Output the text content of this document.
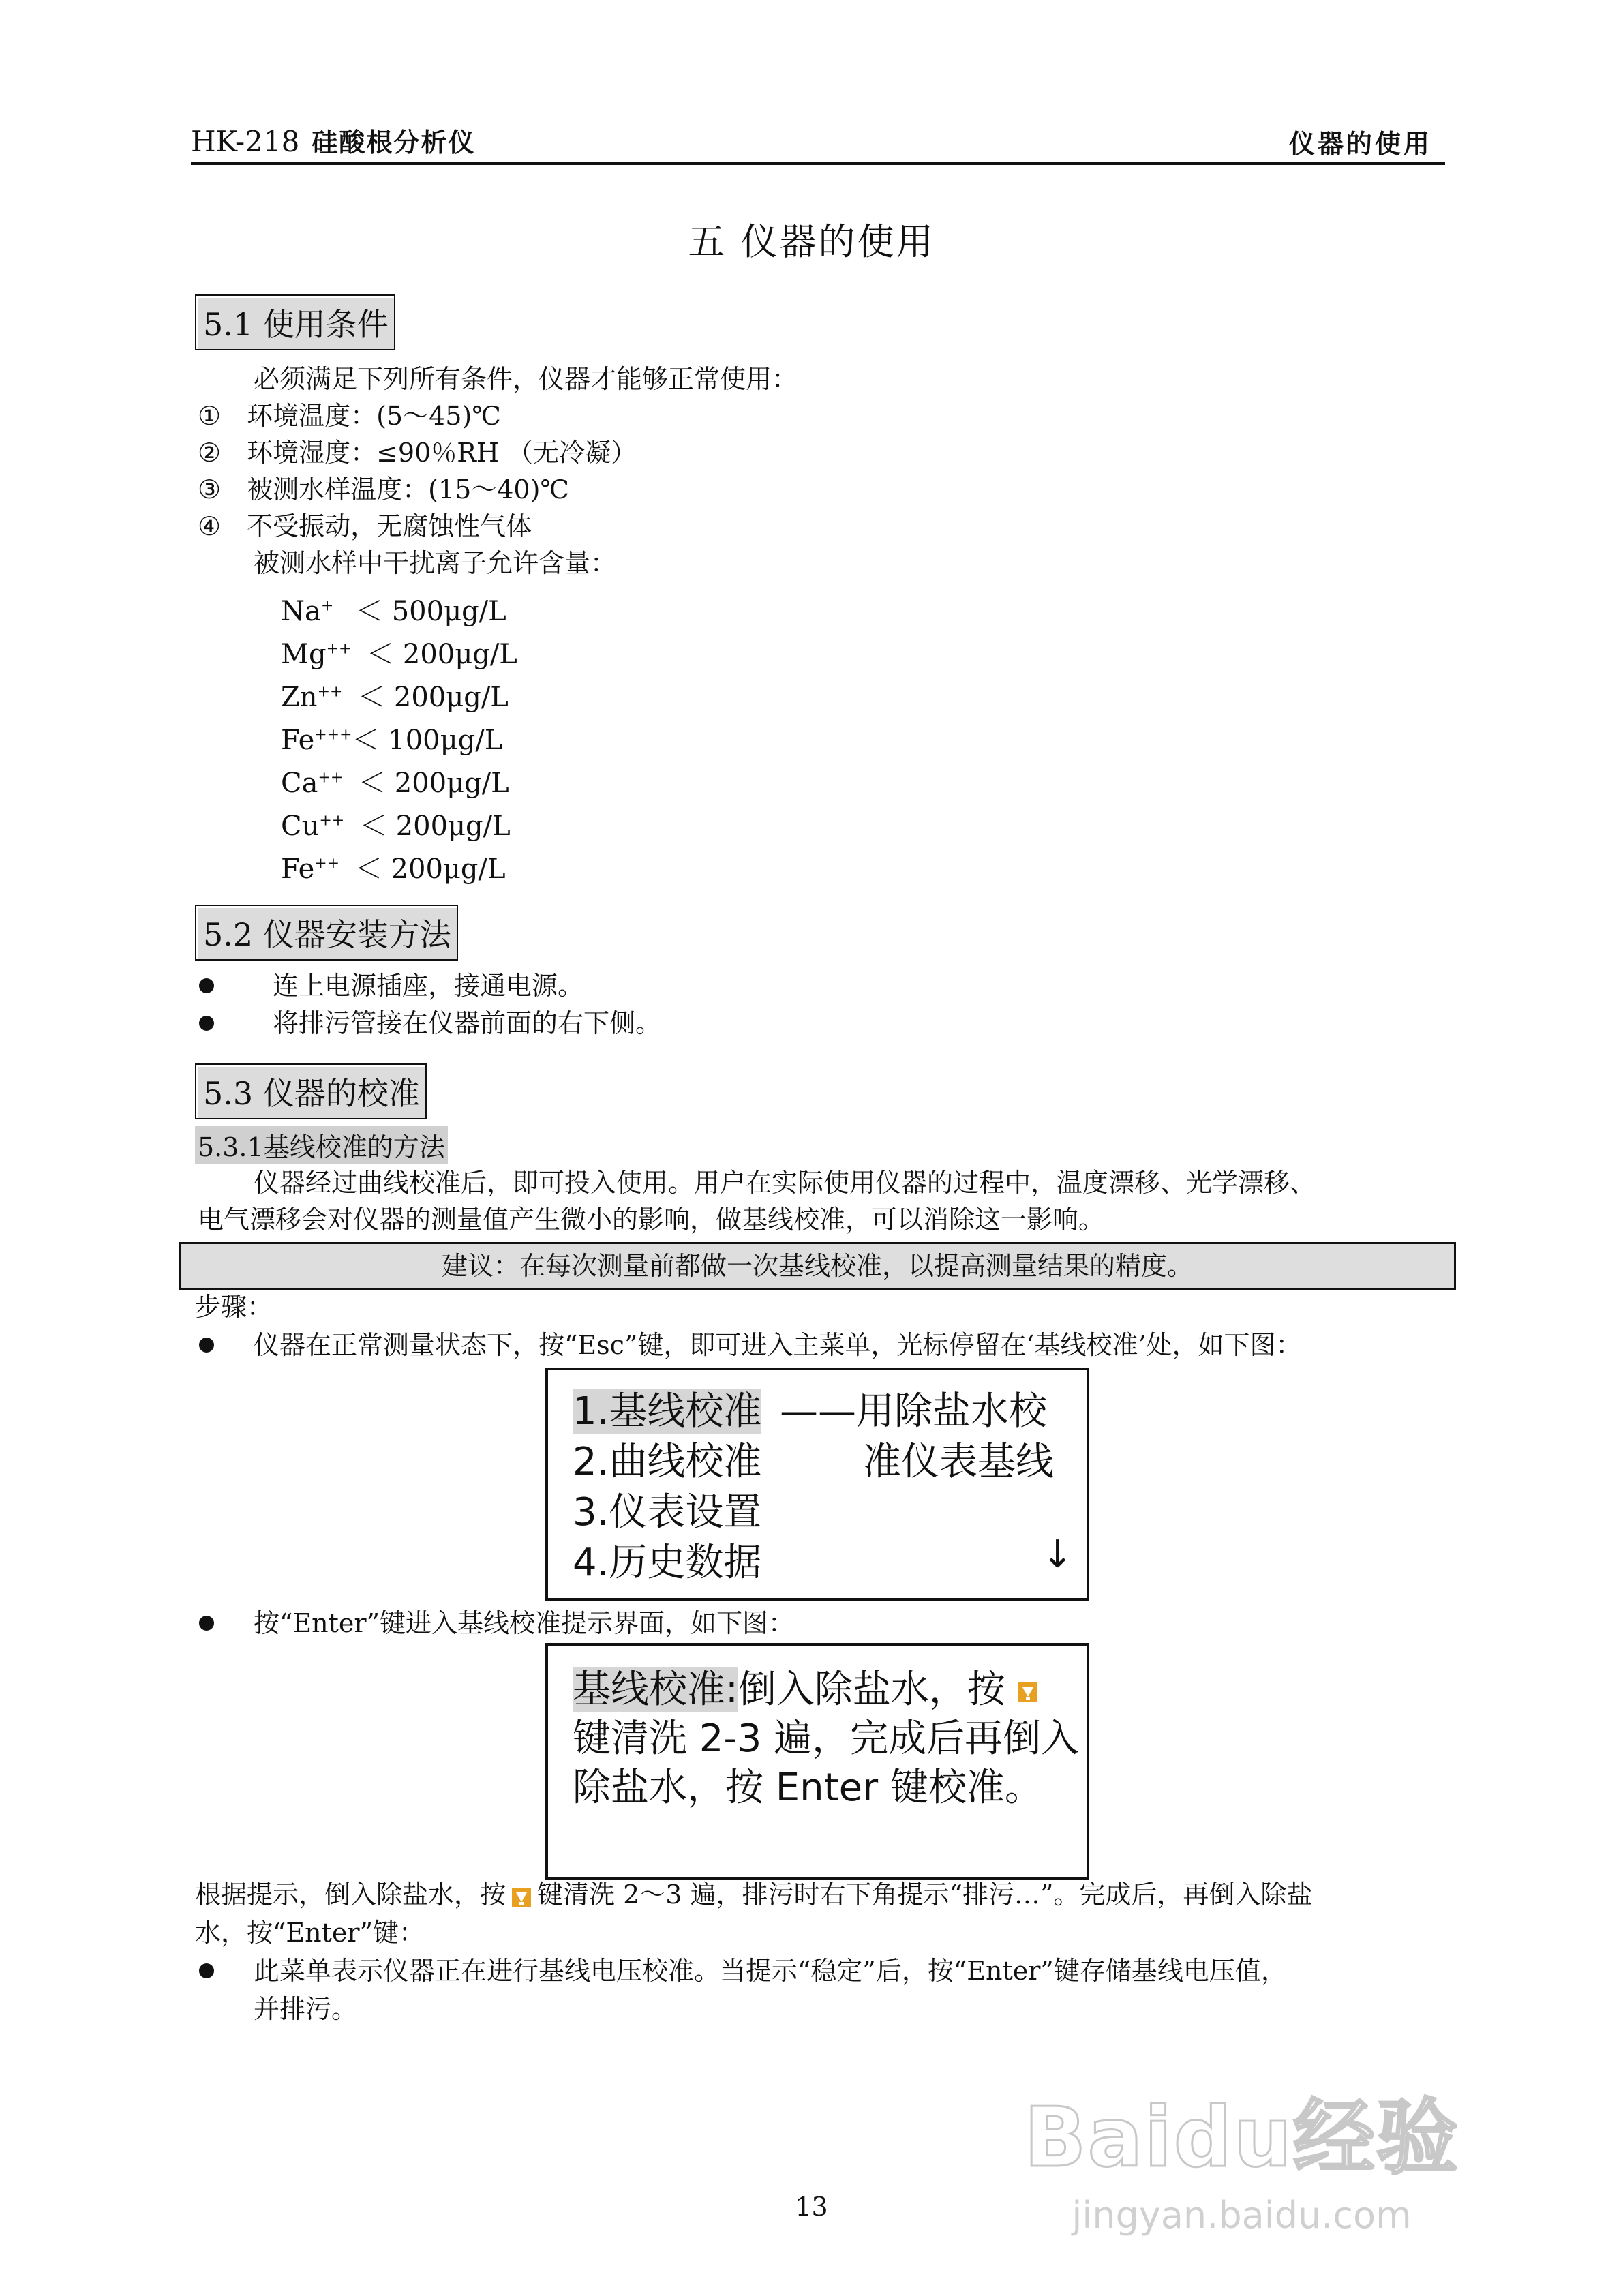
HK-218 硅酸根分析仪	仪器的使用
五 仪器的使用
5.1 使用条件
必须满足下列所有条件，仪器才能够正常使用：
① 环境温度：(5～45)℃
② 环境湿度：≤90％RH （无冷凝）
③ 被测水样温度：(15～40)℃
④ 不受振动，无腐蚀性气体
被测水样中干扰离子允许含量：
Na+ ＜ 500μg/L
Mg++ ＜ 200μg/L
Zn++ ＜ 200μg/L
Fe+++＜ 100μg/L
Ca++ ＜ 200μg/L
Cu++ ＜ 200μg/L
Fe++ ＜ 200μg/L
5.2 仪器安装方法
连上电源插座，接通电源。
将排污管接在仪器前面的右下侧。
5.3 仪器的校准
5.3.1基线校准的方法
仪器经过曲线校准后，即可投入使用。用户在实际使用仪器的过程中，温度漂移、光学漂移、
电气漂移会对仪器的测量值产生微小的影响，做基线校准，可以消除这一影响。
建议：在每次测量前都做一次基线校准，以提高测量结果的精度。
步骤：
仪器在正常测量状态下，按“Esc”键，即可进入主菜单，光标停留在‘基线校准’处，如下图：
1.基线校准
2.曲线校准
3.仪表设置
4.历史数据
——用除盐水校
准仪表基线
↓
按“Enter”键进入基线校准提示界面，如下图：
基线校准:倒入除盐水，按
键清洗 2-3 遍，完成后再倒入
除盐水，按 Enter 键校准。
根据提示，倒入除盐水，按 键清洗 2～3 遍，排污时右下角提示“排污…”。完成后，再倒入除盐
水，按“Enter”键：
此菜单表示仪器正在进行基线电压校准。当提示“稳定”后，按“Enter”键存储基线电压值，
并排污。
Baidu经验
jingyan.baidu.com
13
